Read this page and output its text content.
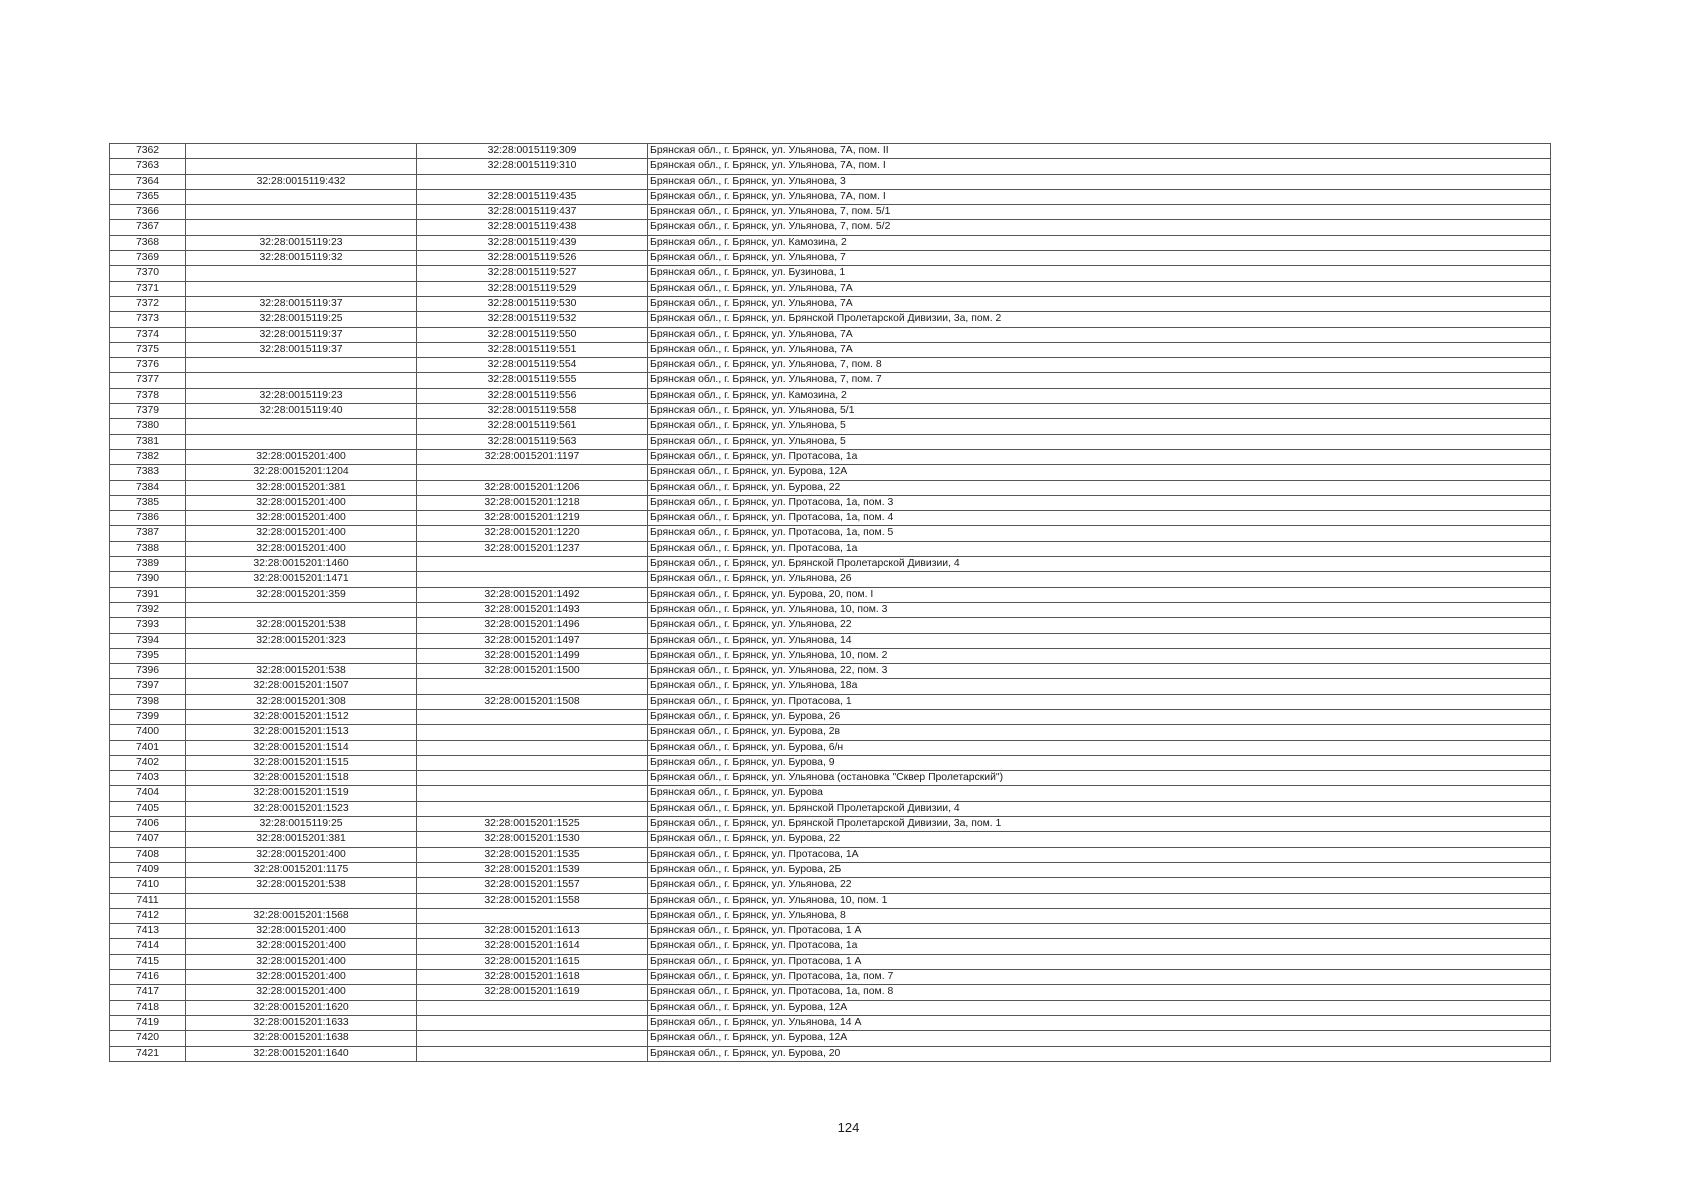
7362		32:28:0015119:309	Брянская обл., г. Брянск, ул. Ульянова, 7А, пом. II
7363		32:28:0015119:310	Брянская обл., г. Брянск, ул. Ульянова, 7А, пом. I
7364	32:28:0015119:432		Брянская обл., г. Брянск, ул. Ульянова, 3
7365		32:28:0015119:435	Брянская обл., г. Брянск, ул. Ульянова, 7А, пом. I
7366		32:28:0015119:437	Брянская обл., г. Брянск, ул. Ульянова, 7, пом. 5/1
7367		32:28:0015119:438	Брянская обл., г. Брянск, ул. Ульянова, 7, пом. 5/2
7368	32:28:0015119:23	32:28:0015119:439	Брянская обл., г. Брянск, ул. Камозина, 2
7369	32:28:0015119:32	32:28:0015119:526	Брянская обл., г. Брянск, ул. Ульянова, 7
7370		32:28:0015119:527	Брянская обл., г. Брянск, ул. Бузинова, 1
7371		32:28:0015119:529	Брянская обл., г. Брянск, ул. Ульянова, 7А
7372	32:28:0015119:37	32:28:0015119:530	Брянская обл., г. Брянск, ул. Ульянова, 7А
7373	32:28:0015119:25	32:28:0015119:532	Брянская обл., г. Брянск, ул. Брянской Пролетарской Дивизии, 3а, пом. 2
7374	32:28:0015119:37	32:28:0015119:550	Брянская обл., г. Брянск, ул. Ульянова, 7А
7375	32:28:0015119:37	32:28:0015119:551	Брянская обл., г. Брянск, ул. Ульянова, 7А
7376		32:28:0015119:554	Брянская обл., г. Брянск, ул. Ульянова, 7, пом. 8
7377		32:28:0015119:555	Брянская обл., г. Брянск, ул. Ульянова, 7, пом. 7
7378	32:28:0015119:23	32:28:0015119:556	Брянская обл., г. Брянск, ул. Камозина, 2
7379	32:28:0015119:40	32:28:0015119:558	Брянская обл., г. Брянск, ул. Ульянова, 5/1
7380		32:28:0015119:561	Брянская обл., г. Брянск, ул. Ульянова, 5
7381		32:28:0015119:563	Брянская обл., г. Брянск, ул. Ульянова, 5
7382	32:28:0015201:400	32:28:0015201:1197	Брянская обл., г. Брянск, ул. Протасова, 1а
7383	32:28:0015201:1204		Брянская обл., г. Брянск, ул. Бурова, 12А
7384	32:28:0015201:381	32:28:0015201:1206	Брянская обл., г. Брянск, ул. Бурова, 22
7385	32:28:0015201:400	32:28:0015201:1218	Брянская обл., г. Брянск, ул. Протасова, 1а, пом. 3
7386	32:28:0015201:400	32:28:0015201:1219	Брянская обл., г. Брянск, ул. Протасова, 1а, пом. 4
7387	32:28:0015201:400	32:28:0015201:1220	Брянская обл., г. Брянск, ул. Протасова, 1а, пом. 5
7388	32:28:0015201:400	32:28:0015201:1237	Брянская обл., г. Брянск, ул. Протасова, 1а
7389	32:28:0015201:1460		Брянская обл., г. Брянск, ул. Брянской Пролетарской Дивизии, 4
7390	32:28:0015201:1471		Брянская обл., г. Брянск, ул. Ульянова, 26
7391	32:28:0015201:359	32:28:0015201:1492	Брянская обл., г. Брянск, ул. Бурова, 20, пом. I
7392		32:28:0015201:1493	Брянская обл., г. Брянск, ул. Ульянова, 10, пом. 3
7393	32:28:0015201:538	32:28:0015201:1496	Брянская обл., г. Брянск, ул. Ульянова, 22
7394	32:28:0015201:323	32:28:0015201:1497	Брянская обл., г. Брянск, ул. Ульянова, 14
7395		32:28:0015201:1499	Брянская обл., г. Брянск, ул. Ульянова, 10, пом. 2
7396	32:28:0015201:538	32:28:0015201:1500	Брянская обл., г. Брянск, ул. Ульянова, 22, пом. 3
7397	32:28:0015201:1507		Брянская обл., г. Брянск, ул. Ульянова, 18а
7398	32:28:0015201:308	32:28:0015201:1508	Брянская обл., г. Брянск, ул. Протасова, 1
7399	32:28:0015201:1512		Брянская обл., г. Брянск, ул. Бурова, 26
7400	32:28:0015201:1513		Брянская обл., г. Брянск, ул. Бурова, 2в
7401	32:28:0015201:1514		Брянская обл., г. Брянск, ул. Бурова, 6/н
7402	32:28:0015201:1515		Брянская обл., г. Брянск, ул. Бурова, 9
7403	32:28:0015201:1518		Брянская обл., г. Брянск, ул. Ульянова (остановка "Сквер Пролетарский")
7404	32:28:0015201:1519		Брянская обл., г. Брянск, ул. Бурова
7405	32:28:0015201:1523		Брянская обл., г. Брянск, ул. Брянской Пролетарской Дивизии, 4
7406	32:28:0015119:25	32:28:0015201:1525	Брянская обл., г. Брянск, ул. Брянской Пролетарской Дивизии, 3а, пом. 1
7407	32:28:0015201:381	32:28:0015201:1530	Брянская обл., г. Брянск, ул. Бурова, 22
7408	32:28:0015201:400	32:28:0015201:1535	Брянская обл., г. Брянск, ул. Протасова, 1А
7409	32:28:0015201:1175	32:28:0015201:1539	Брянская обл., г. Брянск, ул. Бурова, 2Б
7410	32:28:0015201:538	32:28:0015201:1557	Брянская обл., г. Брянск, ул. Ульянова, 22
7411		32:28:0015201:1558	Брянская обл., г. Брянск, ул. Ульянова, 10, пом. 1
7412	32:28:0015201:1568		Брянская обл., г. Брянск, ул. Ульянова, 8
7413	32:28:0015201:400	32:28:0015201:1613	Брянская обл., г. Брянск, ул. Протасова, 1 А
7414	32:28:0015201:400	32:28:0015201:1614	Брянская обл., г. Брянск, ул. Протасова, 1а
7415	32:28:0015201:400	32:28:0015201:1615	Брянская обл., г. Брянск, ул. Протасова, 1 А
7416	32:28:0015201:400	32:28:0015201:1618	Брянская обл., г. Брянск, ул. Протасова, 1а, пом. 7
7417	32:28:0015201:400	32:28:0015201:1619	Брянская обл., г. Брянск, ул. Протасова, 1а, пом. 8
7418	32:28:0015201:1620		Брянская обл., г. Брянск, ул. Бурова, 12А
7419	32:28:0015201:1633		Брянская обл., г. Брянск, ул. Ульянова, 14 А
7420	32:28:0015201:1638		Брянская обл., г. Брянск, ул. Бурова, 12А
7421	32:28:0015201:1640		Брянская обл., г. Брянск, ул. Бурова, 20
124
